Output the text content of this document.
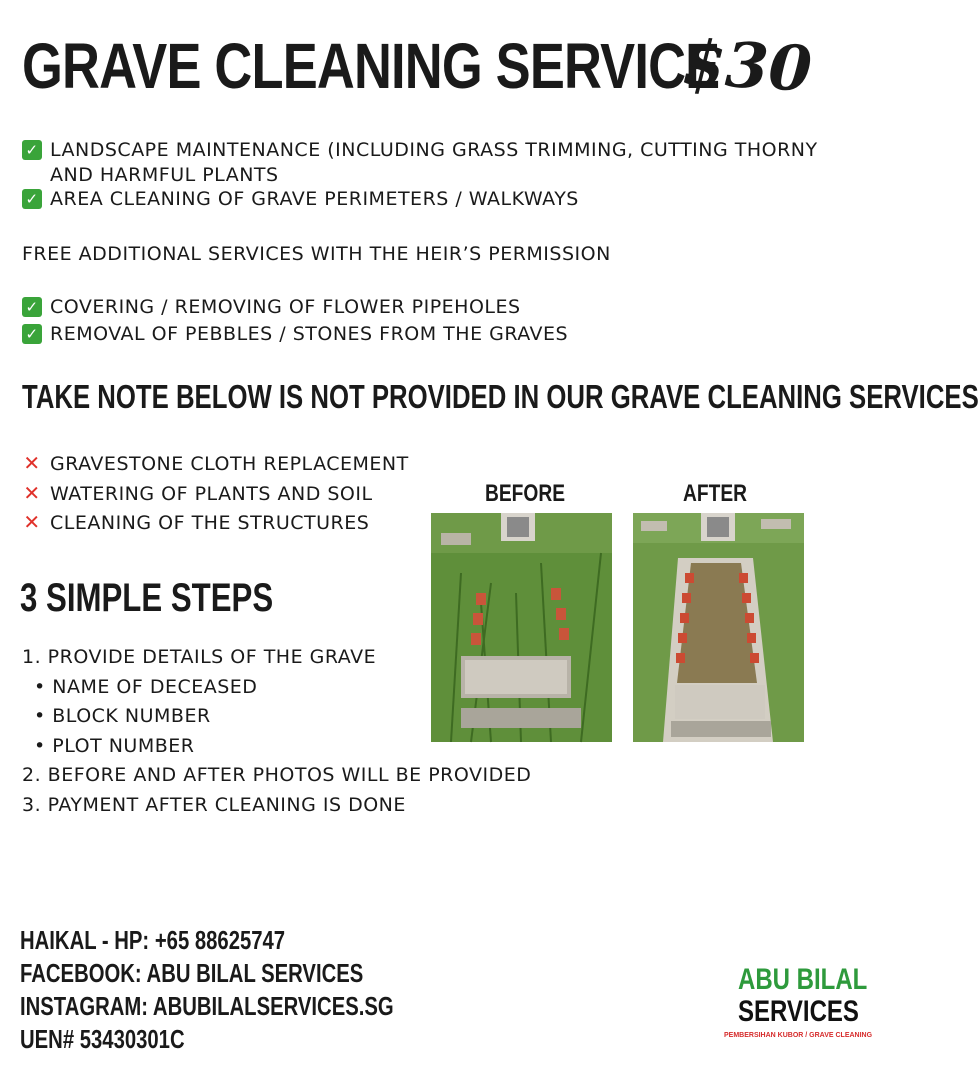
GRAVE CLEANING SERVICE
$30
✓ LANDSCAPE MAINTENANCE (INCLUDING GRASS TRIMMING, CUTTING THORNY AND HARMFUL PLANTS
✓ AREA CLEANING OF GRAVE PERIMETERS / WALKWAYS
FREE ADDITIONAL SERVICES WITH THE HEIR’S PERMISSION
✓ COVERING / REMOVING OF FLOWER PIPEHOLES
✓ REMOVAL OF PEBBLES / STONES FROM THE GRAVES
TAKE NOTE BELOW IS NOT PROVIDED IN OUR GRAVE CLEANING SERVICES
✕ GRAVESTONE CLOTH REPLACEMENT
✕ WATERING OF PLANTS AND SOIL
✕ CLEANING OF THE STRUCTURES
3 SIMPLE STEPS
1. PROVIDE DETAILS OF THE GRAVE
• NAME OF DECEASED
• BLOCK NUMBER
• PLOT NUMBER
2. BEFORE AND AFTER PHOTOS WILL BE PROVIDED
3. PAYMENT AFTER CLEANING IS DONE
BEFORE	AFTER
HAIKAL - HP: +65 88625747
FACEBOOK: ABU BILAL SERVICES
INSTAGRAM: ABUBILALSERVICES.SG
UEN# 53430301C
ABU BILAL
SERVICES
PEMBERSIHAN KUBOR / GRAVE CLEANING
